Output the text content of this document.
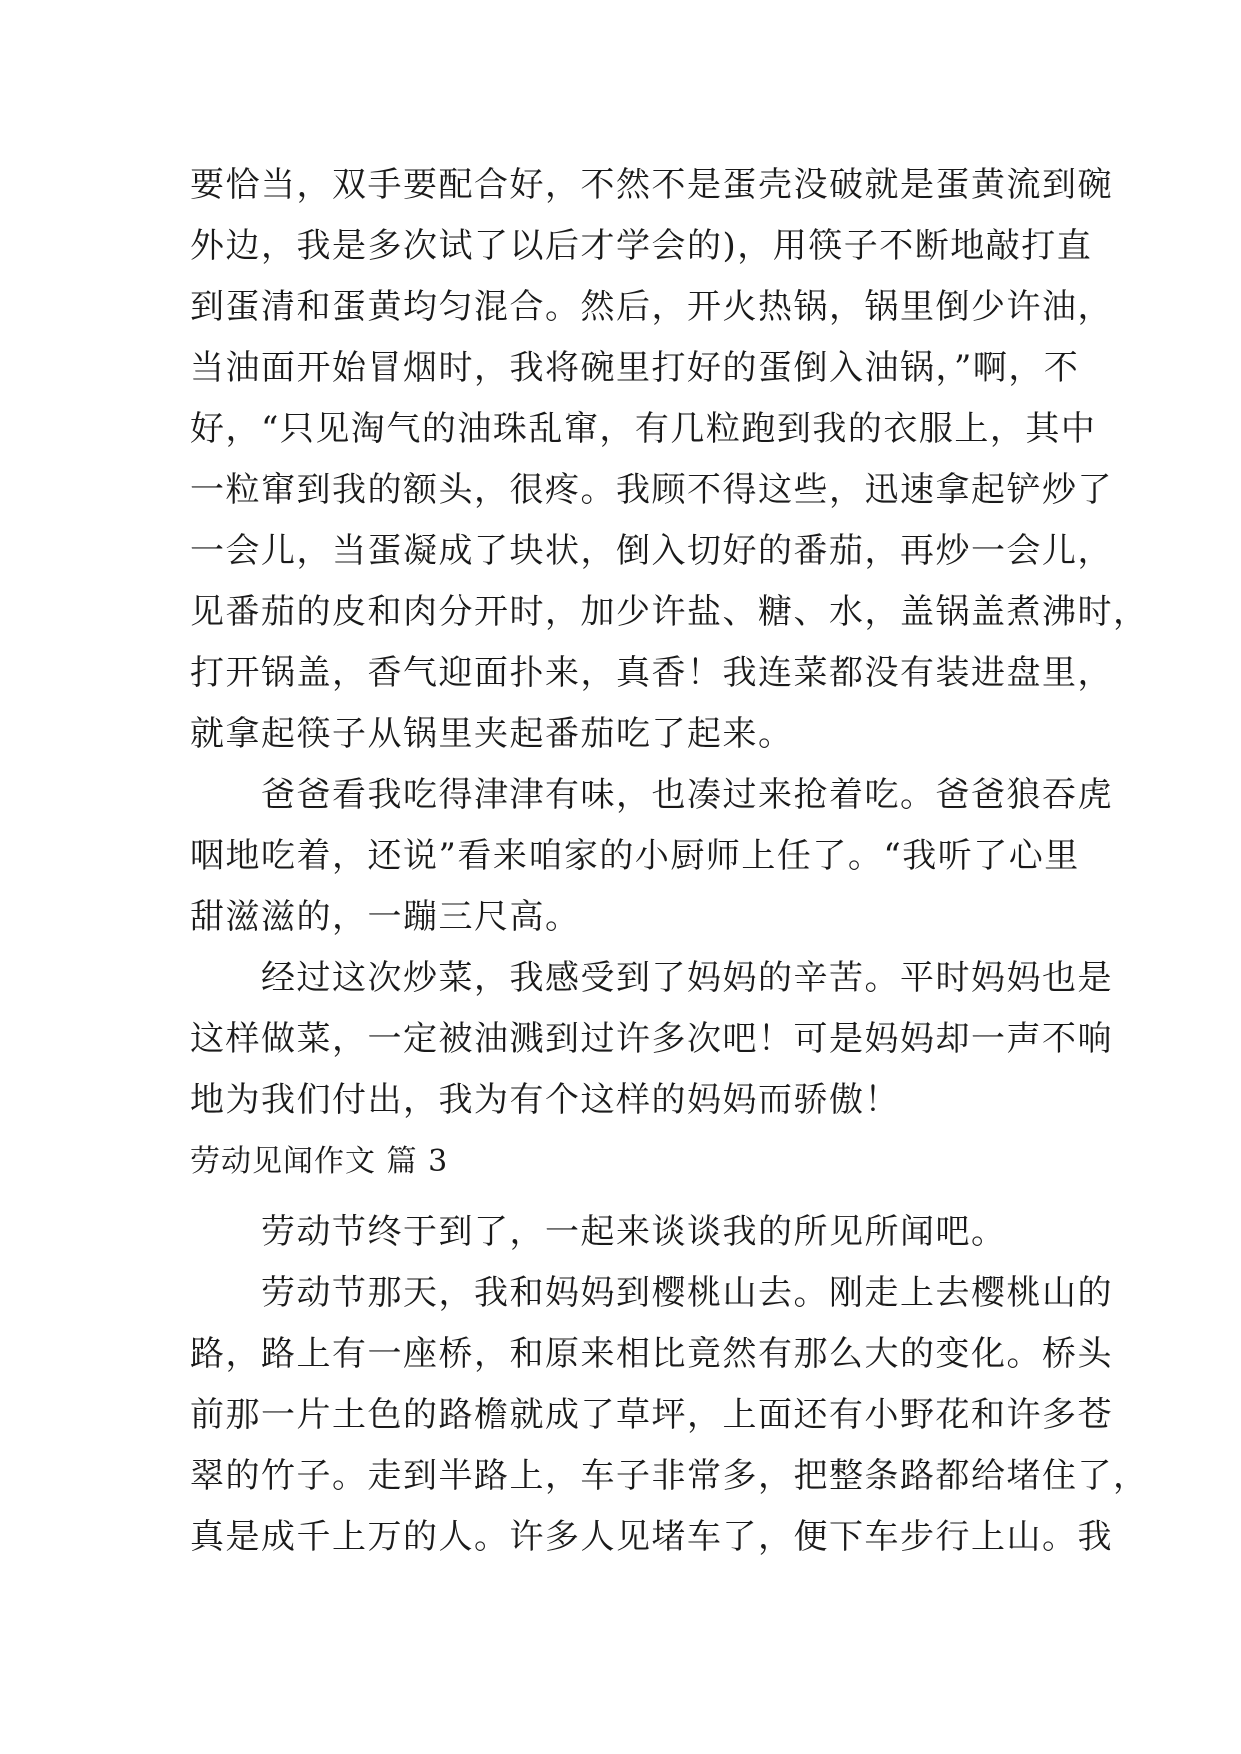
要恰当，双手要配合好，不然不是蛋壳没破就是蛋黄流到碗
外边，我是多次试了以后才学会的)，用筷子不断地敲打直
到蛋清和蛋黄均匀混合。然后，开火热锅，锅里倒少许油，
当油面开始冒烟时，我将碗里打好的蛋倒入油锅，”啊，不
好，“只见淘气的油珠乱窜，有几粒跑到我的衣服上，其中
一粒窜到我的额头，很疼。我顾不得这些，迅速拿起铲炒了
一会儿，当蛋凝成了块状，倒入切好的番茄，再炒一会儿，
见番茄的皮和肉分开时，加少许盐、糖、水，盖锅盖煮沸时，
打开锅盖，香气迎面扑来，真香！我连菜都没有装进盘里，
就拿起筷子从锅里夹起番茄吃了起来。
　　爸爸看我吃得津津有味，也凑过来抢着吃。爸爸狼吞虎
咽地吃着，还说”看来咱家的小厨师上任了。“我听了心里
甜滋滋的，一蹦三尺高。
　　经过这次炒菜，我感受到了妈妈的辛苦。平时妈妈也是
这样做菜，一定被油溅到过许多次吧！可是妈妈却一声不响
地为我们付出，我为有个这样的妈妈而骄傲！
劳动见闻作文 篇 3
　　劳动节终于到了，一起来谈谈我的所见所闻吧。
　　劳动节那天，我和妈妈到樱桃山去。刚走上去樱桃山的
路，路上有一座桥，和原来相比竟然有那么大的变化。桥头
前那一片土色的路檐就成了草坪，上面还有小野花和许多苍
翠的竹子。走到半路上，车子非常多，把整条路都给堵住了，
真是成千上万的人。许多人见堵车了，便下车步行上山。我
